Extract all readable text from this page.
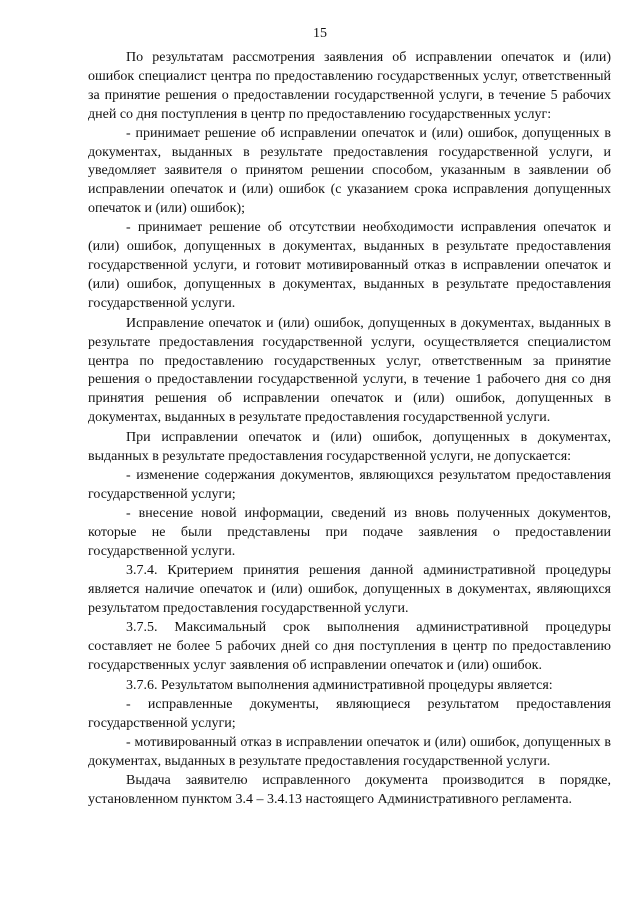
15

По результатам рассмотрения заявления об исправлении опечаток и (или) ошибок специалист центра по предоставлению государственных услуг, ответственный за принятие решения о предоставлении государственной услуги, в течение 5 рабочих дней со дня поступления в центр по предоставлению государственных услуг:

- принимает решение об исправлении опечаток и (или) ошибок, допущенных в документах, выданных в результате предоставления государственной услуги, и уведомляет заявителя о принятом решении способом, указанным в заявлении об исправлении опечаток и (или) ошибок (с указанием срока исправления допущенных опечаток и (или) ошибок);

- принимает решение об отсутствии необходимости исправления опечаток и (или) ошибок, допущенных в документах, выданных в результате предоставления государственной услуги, и готовит мотивированный отказ в исправлении опечаток и (или) ошибок, допущенных в документах, выданных в результате предоставления государственной услуги.

Исправление опечаток и (или) ошибок, допущенных в документах, выданных в результате предоставления государственной услуги, осуществляется специалистом центра по предоставлению государственных услуг, ответственным за принятие решения о предоставлении государственной услуги, в течение 1 рабочего дня со дня принятия решения об исправлении опечаток и (или) ошибок, допущенных в документах, выданных в результате предоставления государственной услуги.

При исправлении опечаток и (или) ошибок, допущенных в документах, выданных в результате предоставления государственной услуги, не допускается:

- изменение содержания документов, являющихся результатом предоставления государственной услуги;

- внесение новой информации, сведений из вновь полученных документов, которые не были представлены при подаче заявления о предоставлении государственной услуги.

3.7.4. Критерием принятия решения данной административной процедуры является наличие опечаток и (или) ошибок, допущенных в документах, являющихся результатом предоставления государственной услуги.

3.7.5. Максимальный срок выполнения административной процедуры составляет не более 5 рабочих дней со дня поступления в центр по предоставлению государственных услуг заявления об исправлении опечаток и (или) ошибок.

3.7.6. Результатом выполнения административной процедуры является:

- исправленные документы, являющиеся результатом предоставления государственной услуги;

- мотивированный отказ в исправлении опечаток и (или) ошибок, допущенных в документах, выданных в результате предоставления государственной услуги.

Выдача заявителю исправленного документа производится в порядке, установленном пунктом 3.4 – 3.4.13 настоящего Административного регламента.
